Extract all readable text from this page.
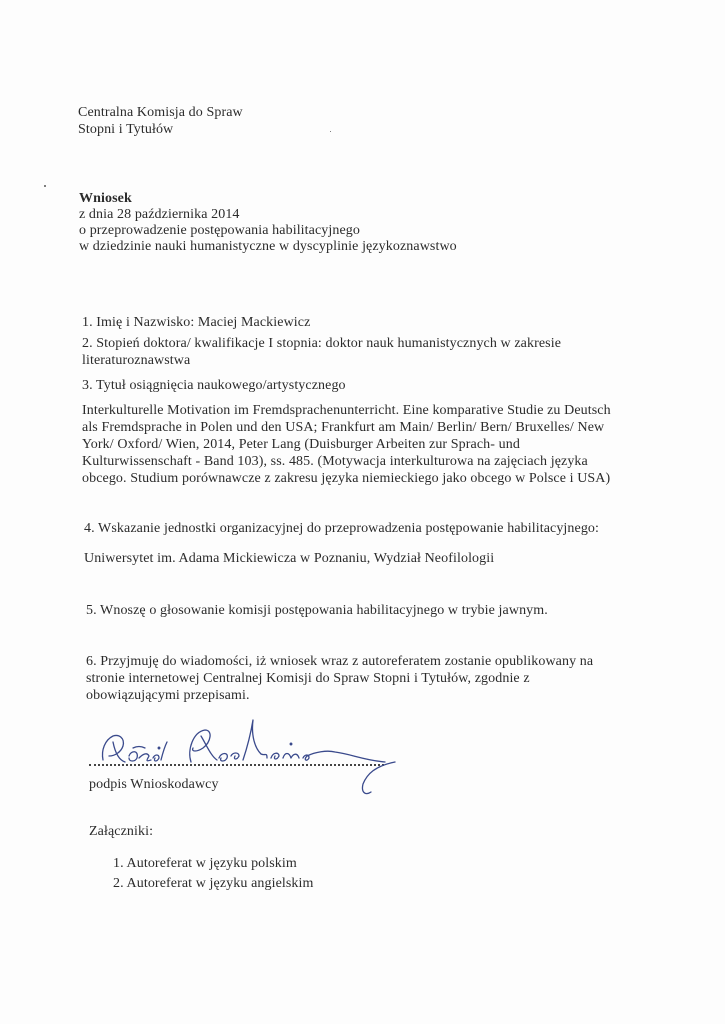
Centralna Komisja do Spraw
Stopni i Tytułów
Wniosek
z dnia 28 października 2014
o przeprowadzenie postępowania habilitacyjnego
w dziedzinie nauki humanistyczne w dyscyplinie językoznawstwo
1. Imię i Nazwisko: Maciej Mackiewicz
2. Stopień doktora/ kwalifikacje I stopnia: doktor nauk humanistycznych w zakresie
literaturoznawstwa
3. Tytuł osiągnięcia naukowego/artystycznego
Interkulturelle Motivation im Fremdsprachenunterricht. Eine komparative Studie zu Deutsch
als Fremdsprache in Polen und den USA; Frankfurt am Main/ Berlin/ Bern/ Bruxelles/ New
York/ Oxford/ Wien, 2014, Peter Lang (Duisburger Arbeiten zur Sprach- und
Kulturwissenschaft - Band 103), ss. 485. (Motywacja interkulturowa na zajęciach języka
obcego. Studium porównawcze z zakresu języka niemieckiego jako obcego w Polsce i USA)
4. Wskazanie jednostki organizacyjnej do przeprowadzenia postępowanie habilitacyjnego:
Uniwersytet im. Adama Mickiewicza w Poznaniu, Wydział Neofilologii
5. Wnoszę o głosowanie komisji postępowania habilitacyjnego w trybie jawnym.
6. Przyjmuję do wiadomości, iż wniosek wraz z autoreferatem zostanie opublikowany na
stronie internetowej Centralnej Komisji do Spraw Stopni i Tytułów, zgodnie z
obowiązującymi przepisami.
podpis Wnioskodawcy
Załączniki:
1. Autoreferat w języku polskim
2. Autoreferat w języku angielskim
